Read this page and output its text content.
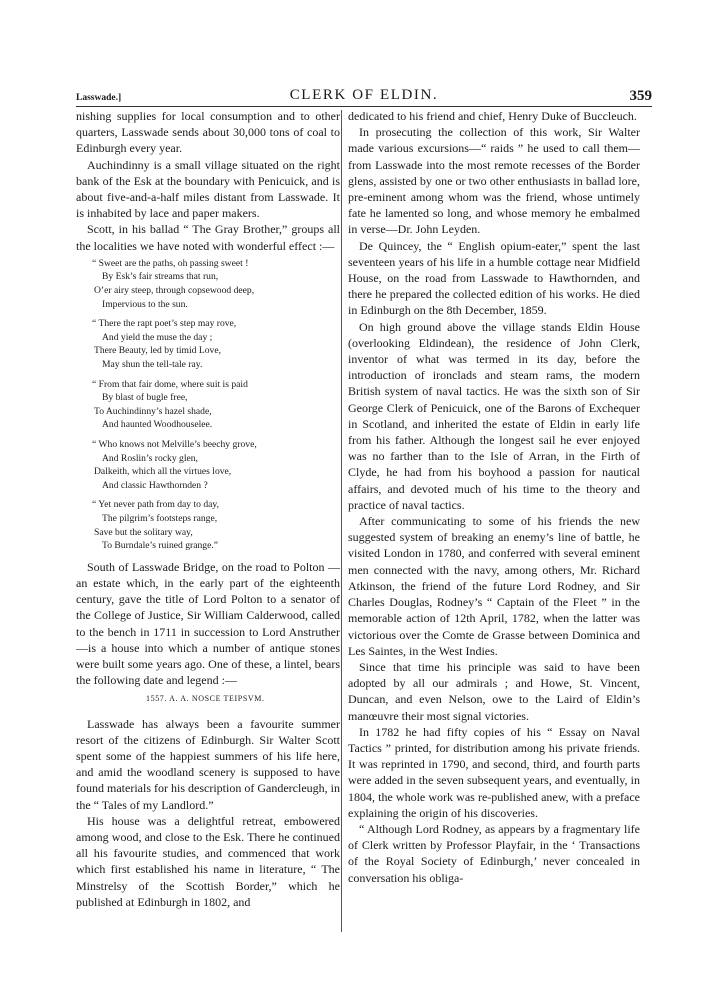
Lasswade.]	CLERK OF ELDIN.	359

nishing supplies for local consumption and to other quarters, Lasswade sends about 30,000 tons of coal to Edinburgh every year.

Auchindinny is a small village situated on the right bank of the Esk at the boundary with Penicuick, and is about five-and-a-half miles distant from Lasswade. It is inhabited by lace and paper makers.

Scott, in his ballad “ The Gray Brother,” groups all the localities we have noted with wonderful effect :—

“ Sweet are the paths, oh passing sweet !
By Esk’s fair streams that run,
O’er airy steep, through copsewood deep,
Impervious to the sun.
“ There the rapt poet’s step may rove,
And yield the muse the day ;
There Beauty, led by timid Love,
May shun the tell-tale ray.
“ From that fair dome, where suit is paid
By blast of bugle free,
To Auchindinny’s hazel shade,
And haunted Woodhouselee.
“ Who knows not Melville’s beechy grove,
And Roslin’s rocky glen,
Dalkeith, which all the virtues love,
And classic Hawthornden ?
“ Yet never path from day to day,
The pilgrim’s footsteps range,
Save but the solitary way,
To Burndale’s ruined grange.”

South of Lasswade Bridge, on the road to Polton —an estate which, in the early part of the eighteenth century, gave the title of Lord Polton to a senator of the College of Justice, Sir William Calderwood, called to the bench in 1711 in succession to Lord Anstruther—is a house into which a number of antique stones were built some years ago. One of these, a lintel, bears the following date and legend :—

1557. A. A. NOSCE TEIPSVM.

Lasswade has always been a favourite summer resort of the citizens of Edinburgh. Sir Walter Scott spent some of the happiest summers of his life here, and amid the woodland scenery is supposed to have found materials for his description of Gandercleugh, in the “ Tales of my Landlord.”

His house was a delightful retreat, embowered among wood, and close to the Esk. There he continued all his favourite studies, and commenced that work which first established his name in literature, “ The Minstrelsy of the Scottish Border,” which he published at Edinburgh in 1802, and

dedicated to his friend and chief, Henry Duke of Buccleuch.

In prosecuting the collection of this work, Sir Walter made various excursions—“ raids ” he used to call them—from Lasswade into the most remote recesses of the Border glens, assisted by one or two other enthusiasts in ballad lore, pre-eminent among whom was the friend, whose untimely fate he lamented so long, and whose memory he embalmed in verse—Dr. John Leyden.

De Quincey, the “ English opium-eater,” spent the last seventeen years of his life in a humble cottage near Midfield House, on the road from Lasswade to Hawthornden, and there he prepared the collected edition of his works. He died in Edinburgh on the 8th December, 1859.

On high ground above the village stands Eldin House (overlooking Eldindean), the residence of John Clerk, inventor of what was termed in its day, before the introduction of ironclads and steam rams, the modern British system of naval tactics. He was the sixth son of Sir George Clerk of Penicuick, one of the Barons of Exchequer in Scotland, and inherited the estate of Eldin in early life from his father. Although the longest sail he ever enjoyed was no farther than to the Isle of Arran, in the Firth of Clyde, he had from his boyhood a passion for nautical affairs, and devoted much of his time to the theory and practice of naval tactics.

After communicating to some of his friends the new suggested system of breaking an enemy’s line of battle, he visited London in 1780, and conferred with several eminent men connected with the navy, among others, Mr. Richard Atkinson, the friend of the future Lord Rodney, and Sir Charles Douglas, Rodney’s “ Captain of the Fleet ” in the memorable action of 12th April, 1782, when the latter was victorious over the Comte de Grasse between Dominica and Les Saintes, in the West Indies.

Since that time his principle was said to have been adopted by all our admirals ; and Howe, St. Vincent, Duncan, and even Nelson, owe to the Laird of Eldin’s manœuvre their most signal victories.

In 1782 he had fifty copies of his “ Essay on Naval Tactics ” printed, for distribution among his private friends. It was reprinted in 1790, and second, third, and fourth parts were added in the seven subsequent years, and eventually, in 1804, the whole work was re-published anew, with a preface explaining the origin of his discoveries.

“ Although Lord Rodney, as appears by a fragmentary life of Clerk written by Professor Playfair, in the ‘ Transactions of the Royal Society of Edinburgh,’ never concealed in conversation his obliga-
